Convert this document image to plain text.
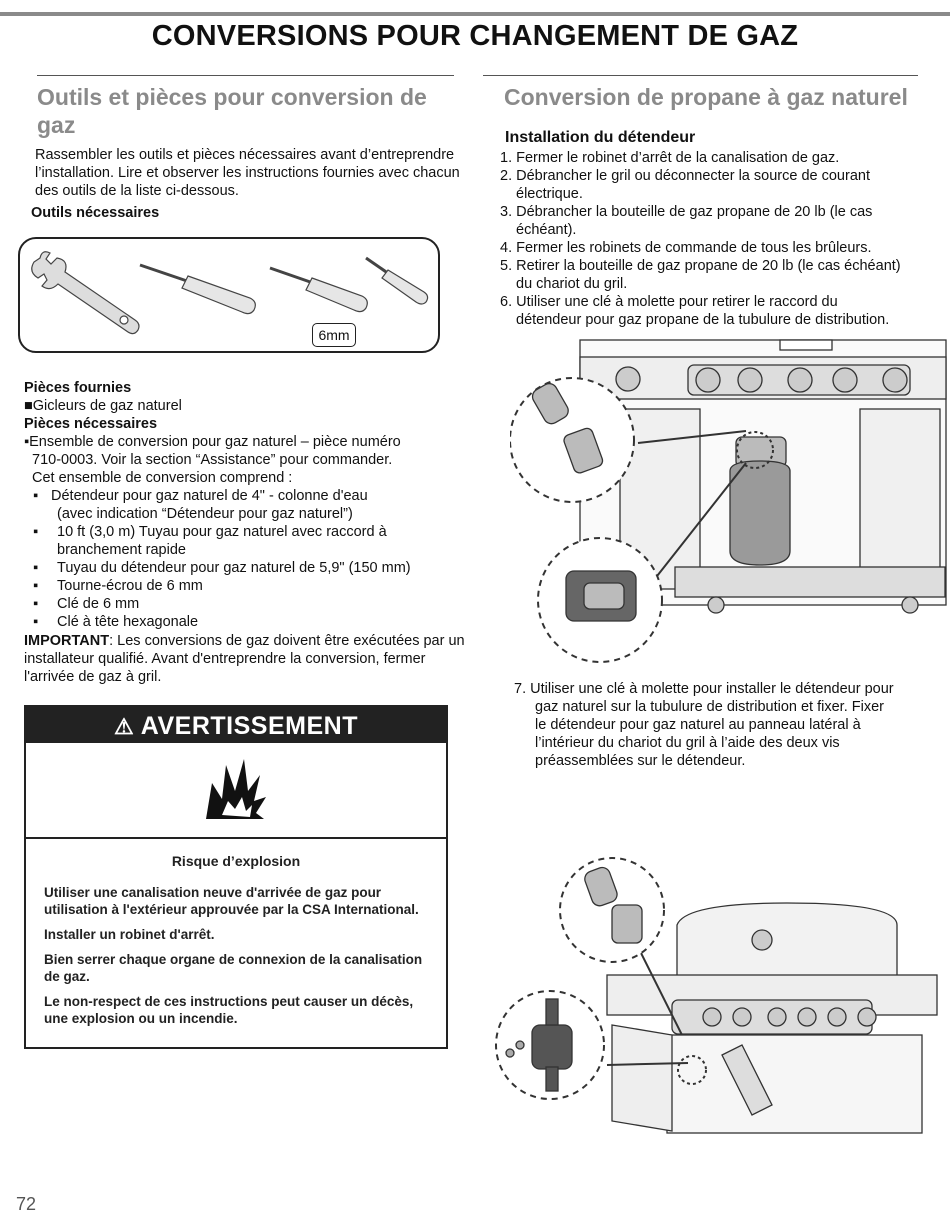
CONVERSIONS POUR CHANGEMENT DE GAZ
Outils et pièces pour conversion de gaz
Rassembler les outils et pièces nécessaires avant d’entreprendre l’installation. Lire et observer les instructions fournies avec chacun des outils de la liste ci-dessous.
Outils nécessaires
6mm
Pièces fournies
■Gicleurs de gaz naturel
Pièces nécessaires
▪Ensemble de conversion pour gaz naturel – pièce numéro
710-0003. Voir la section “Assistance” pour commander.
Cet ensemble de conversion comprend :
▪ Détendeur pour gaz naturel de 4" - colonne d'eau
(avec indication “Détendeur pour gaz naturel”)
▪ 10 ft (3,0 m) Tuyau pour gaz naturel avec raccord à
branchement rapide
▪ Tuyau du détendeur pour gaz naturel de 5,9" (150 mm)
▪ Tourne-écrou de 6 mm
▪ Clé de 6 mm
▪ Clé à tête hexagonale
IMPORTANT: Les conversions de gaz doivent être exécutées par un installateur qualifié. Avant d'entreprendre la conversion, fermer l'arrivée de gaz à gril.
⚠ AVERTISSEMENT
Risque d’explosion

Utiliser une canalisation neuve d'arrivée de gaz pour utilisation à l'extérieur approuvée par la CSA International.

Installer un robinet d'arrêt.

Bien serrer chaque organe de connexion de la canalisation de gaz.

Le non-respect de ces instructions peut causer un décès, une explosion ou un incendie.

Conversion de propane à gaz naturel
Installation du détendeur
1. Fermer le robinet d’arrêt de la canalisation de gaz.
2. Débrancher le gril ou déconnecter la source de courant
électrique.
3. Débrancher la bouteille de gaz propane de 20 lb (le cas
échéant).
4. Fermer les robinets de commande de tous les brûleurs.
5. Retirer la bouteille de gaz propane de 20 lb (le cas échéant)
du chariot du gril.
6. Utiliser une clé à molette pour retirer le raccord du
détendeur pour gaz propane de la tubulure de distribution.
7. Utiliser une clé à molette pour installer le détendeur pour
gaz naturel sur la tubulure de distribution et fixer. Fixer
le détendeur pour gaz naturel au panneau latéral à
l’intérieur du chariot du gril à l’aide des deux vis
préassemblées sur le détendeur.
72
